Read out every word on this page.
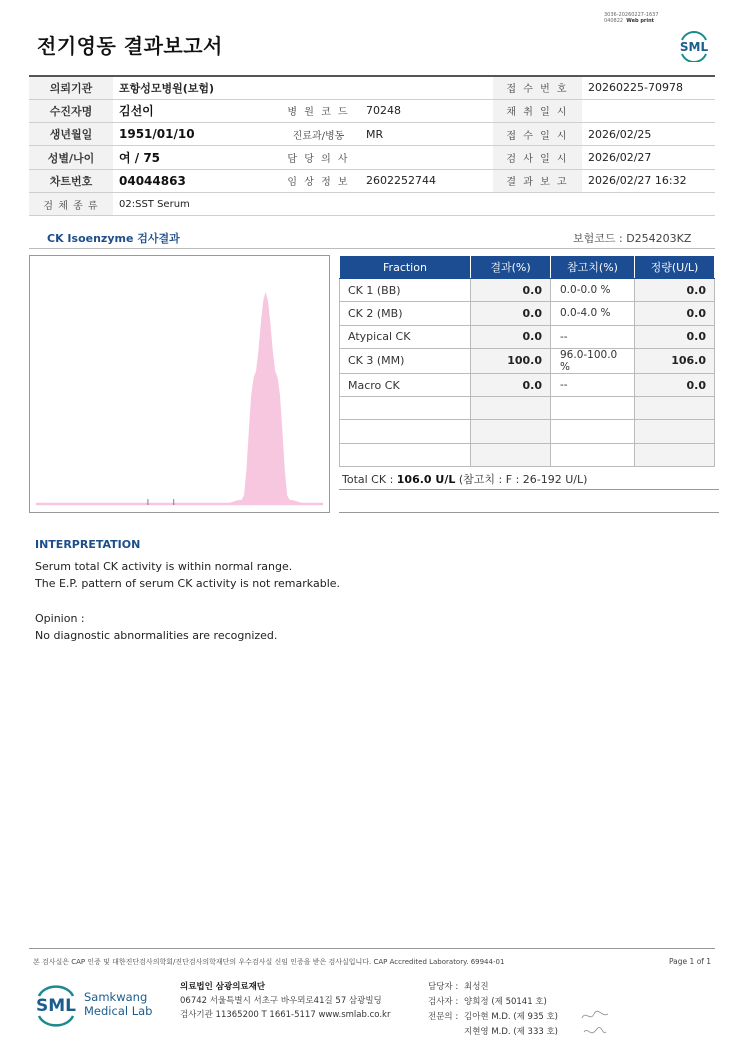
3036-20260227-1637
040822 Web print
전기영동 결과보고서	SML
의뢰기관	포항성모병원(보험)			접 수 번 호	20260225-70978
수진자명	김선이	병 원 코 드	70248	채 취 일 시	
생년월일	1951/01/10	진료과/병동	MR	접 수 일 시	2026/02/25
성별/나이	여 / 75	담 당 의 사		검 사 일 시	2026/02/27
차트번호	04044863	임 상 정 보	2602252744	결 과 보 고	2026/02/27 16:32
검 체 종 류	02:SST Serum				
CK Isoenzyme 검사결과	보험코드 : D254203KZ
Fraction	결과(%)	참고치(%)	정량(U/L)
CK 1 (BB)	0.0	0.0-0.0 %	0.0
CK 2 (MB)	0.0	0.0-4.0 %	0.0
Atypical CK	0.0	--	0.0
CK 3 (MM)	100.0	96.0-100.0 %	106.0
Macro CK	0.0	--	0.0

Total CK : 106.0 U/L (참고치 : F : 26-192 U/L)
INTERPRETATION
Serum total CK activity is within normal range.
The E.P. pattern of serum CK activity is not remarkable.
Opinion :
No diagnostic abnormalities are recognized.
본 검사실은 CAP 인증 및 대한진단검사의학회/진단검사의학재단의 우수검사실 신임 인증을 받은 검사실입니다. CAP Accredited Laboratory. 69944-01	Page 1 of 1
SML Samkwang
Medical Lab
의료법인 삼광의료재단
06742 서울특별시 서초구 바우뫼로41길 57 삼광빌딩
검사기관 11365200 T 1661-5117 www.smlab.co.kr
담당자 : 최성진
검사자 : 양희정 (제 50141 호)
전문의 : 김아현 M.D. (제 935 호)
지현영 M.D. (제 333 호)
